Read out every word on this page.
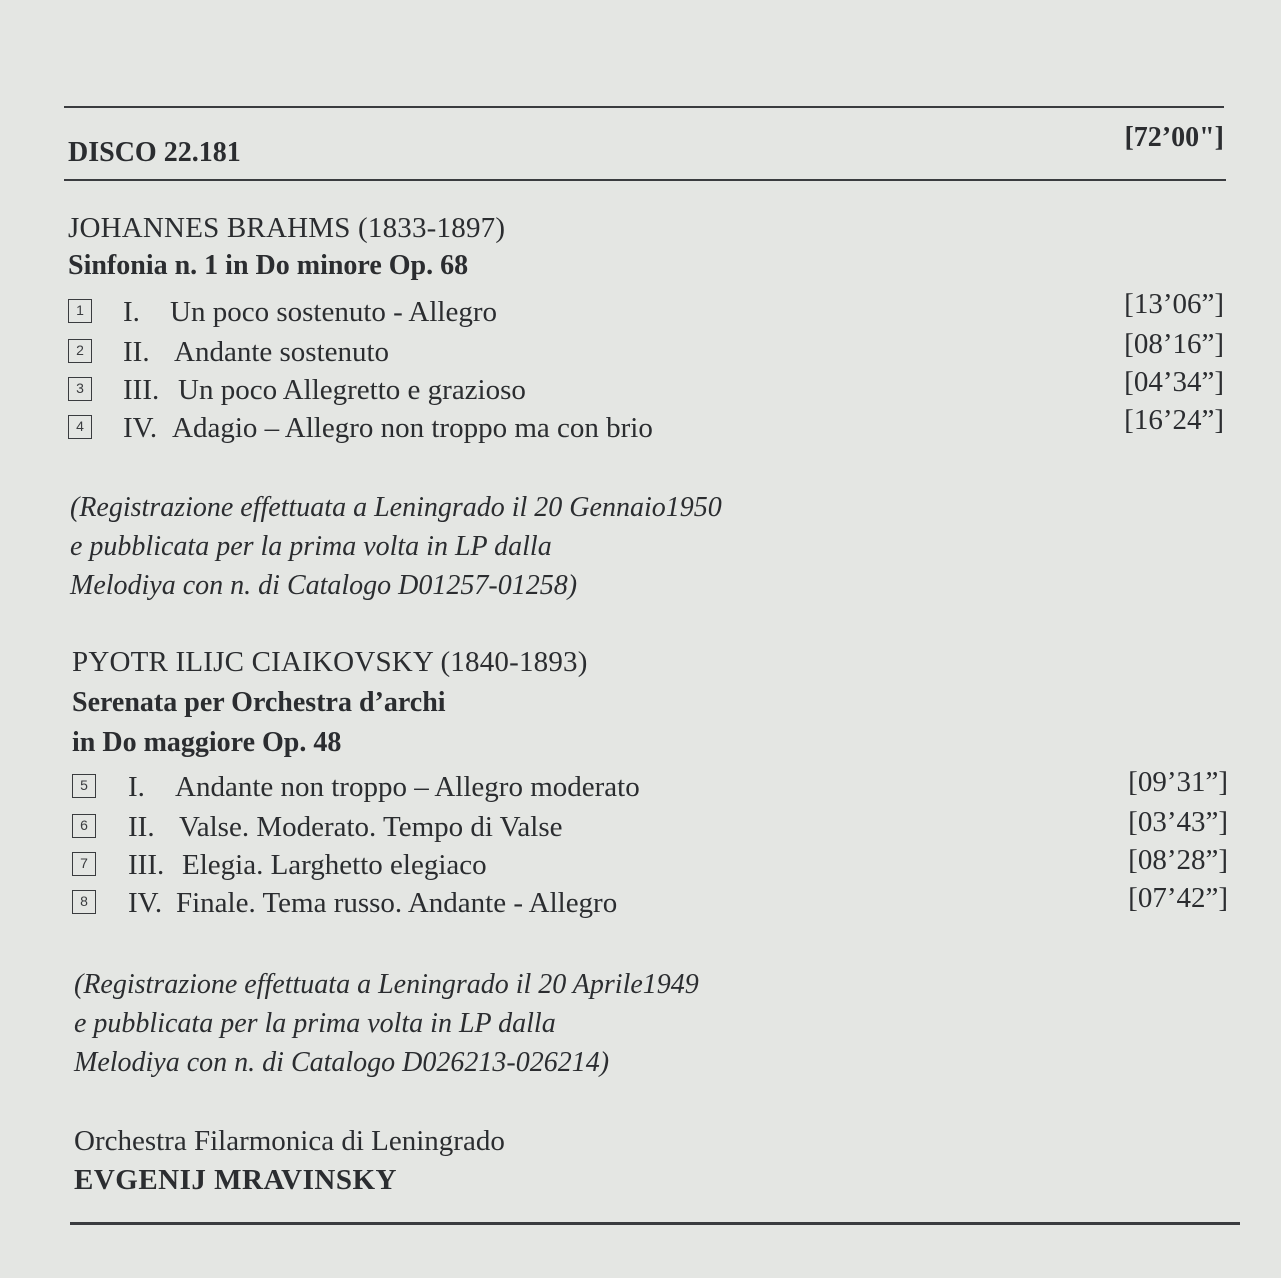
DISCO 22.181	[72’00"]
JOHANNES BRAHMS (1833-1897)
Sinfonia n. 1 in Do minore Op. 68
1 I. Un poco sostenuto - Allegro	[13’06”]
2 II. Andante sostenuto	[08’16”]
3 III. Un poco Allegretto e grazioso	[04’34”]
4 IV. Adagio – Allegro non troppo ma con brio	[16’24”]
(Registrazione effettuata a Leningrado il 20 Gennaio1950
e pubblicata per la prima volta in LP dalla
Melodiya con n. di Catalogo D01257-01258)
PYOTR ILIJC CIAIKOVSKY (1840-1893)
Serenata per Orchestra d’archi
in Do maggiore Op. 48
5 I. Andante non troppo – Allegro moderato	[09’31”]
6 II. Valse. Moderato. Tempo di Valse	[03’43”]
7 III. Elegia. Larghetto elegiaco	[08’28”]
8 IV. Finale. Tema russo. Andante - Allegro	[07’42”]
(Registrazione effettuata a Leningrado il 20 Aprile1949
e pubblicata per la prima volta in LP dalla
Melodiya con n. di Catalogo D026213-026214)
Orchestra Filarmonica di Leningrado
EVGENIJ MRAVINSKY
